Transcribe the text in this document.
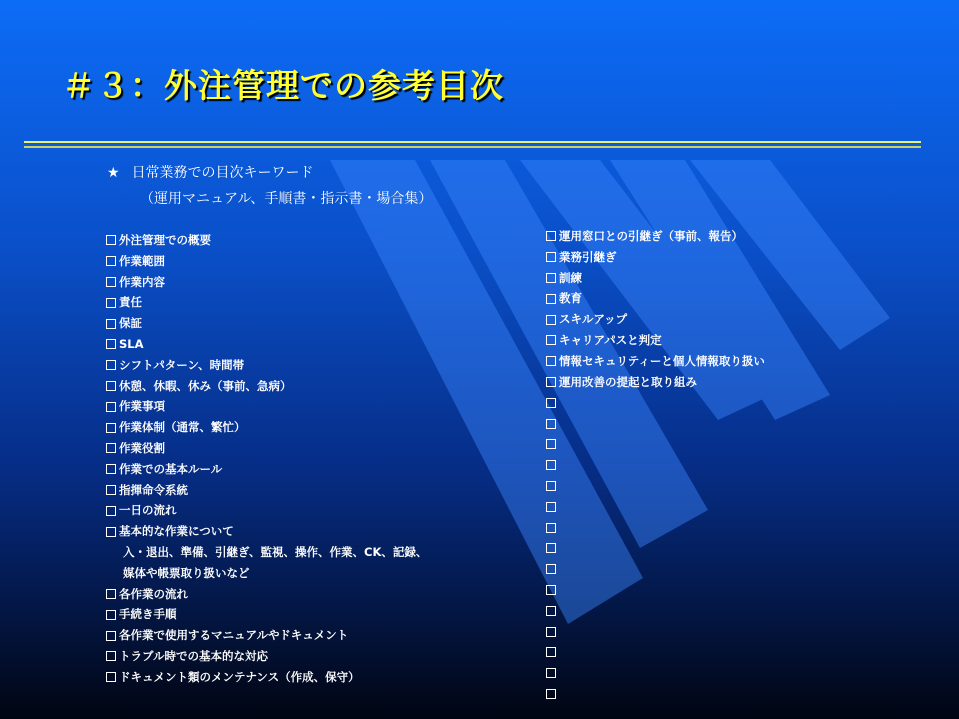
＃３：外注管理での参考目次
★ 日常業務での目次キーワード
（運用マニュアル、手順書・指示書・場合集）
外注管理での概要
作業範囲
作業内容
責任
保証
SLA
シフトパターン、時間帯
休憩、休暇、休み（事前、急病）
作業事項
作業体制（通常、繁忙）
作業役割
作業での基本ルール
指揮命令系統
一日の流れ
基本的な作業について
入・退出、準備、引継ぎ、監視、操作、作業、CK、記録、
媒体や帳票取り扱いなど
各作業の流れ
手続き手順
各作業で使用するマニュアルやドキュメント
トラブル時での基本的な対応
ドキュメント類のメンテナンス（作成、保守）
運用窓口との引継ぎ（事前、報告）
業務引継ぎ
訓練
教育
スキルアップ
キャリアパスと判定
情報セキュリティーと個人情報取り扱い
運用改善の提起と取り組み
